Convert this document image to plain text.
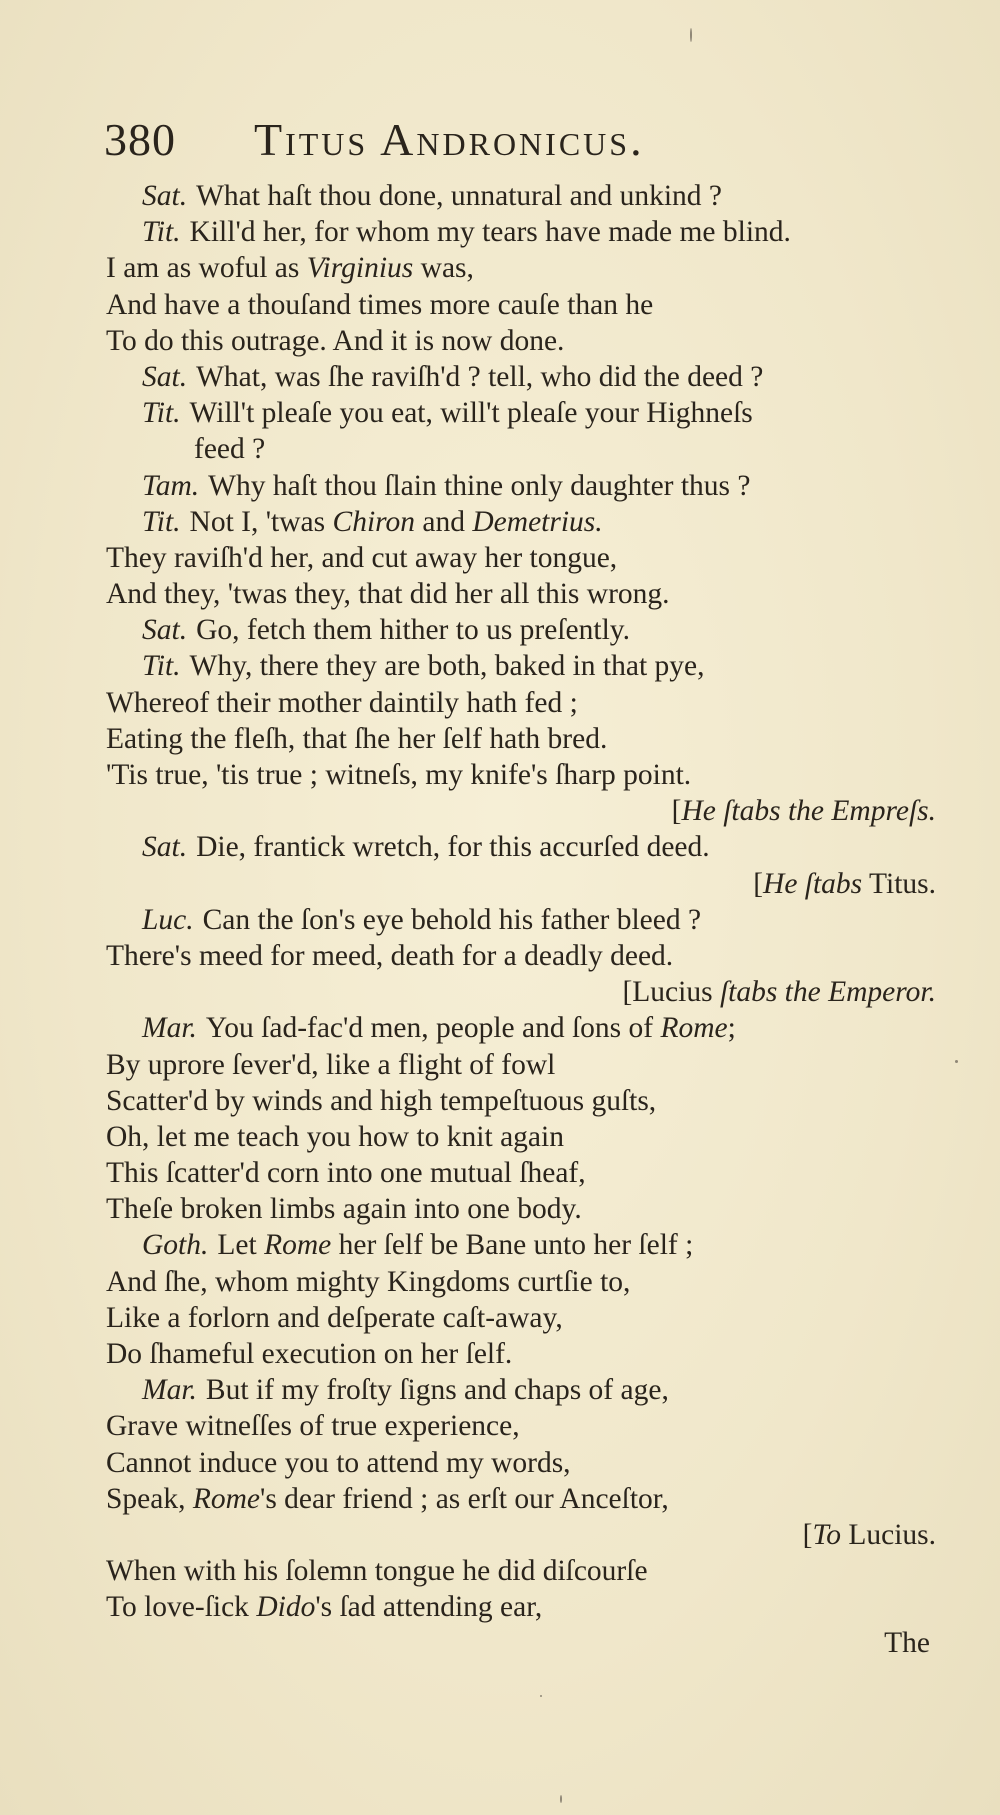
380 Titus Andronicus.
Sat. What haſt thou done, unnatural and unkind ?
Tit. Kill'd her, for whom my tears have made me blind.
I am as woful as Virginius was,
And have a thouſand times more cauſe than he
To do this outrage. And it is now done.
Sat. What, was ſhe raviſh'd ? tell, who did the deed ?
Tit. Will't pleaſe you eat, will't pleaſe your Highneſs
feed ?
Tam. Why haſt thou ſlain thine only daughter thus ?
Tit. Not I, 'twas Chiron and Demetrius.
They raviſh'd her, and cut away her tongue,
And they, 'twas they, that did her all this wrong.
Sat. Go, fetch them hither to us preſently.
Tit. Why, there they are both, baked in that pye,
Whereof their mother daintily hath fed ;
Eating the fleſh, that ſhe her ſelf hath bred.
'Tis true, 'tis true ; witneſs, my knife's ſharp point.
[He ſtabs the Empreſs.
Sat. Die, frantick wretch, for this accurſed deed.
[He ſtabs Titus.
Luc. Can the ſon's eye behold his father bleed ?
There's meed for meed, death for a deadly deed.
[Lucius ſtabs the Emperor.
Mar. You ſad-fac'd men, people and ſons of Rome;
By uprore ſever'd, like a flight of fowl
Scatter'd by winds and high tempeſtuous guſts,
Oh, let me teach you how to knit again
This ſcatter'd corn into one mutual ſheaf,
Theſe broken limbs again into one body.
Goth. Let Rome her ſelf be Bane unto her ſelf ;
And ſhe, whom mighty Kingdoms curtſie to,
Like a forlorn and deſperate caſt-away,
Do ſhameful execution on her ſelf.
Mar. But if my froſty ſigns and chaps of age,
Grave witneſſes of true experience,
Cannot induce you to attend my words,
Speak, Rome's dear friend ; as erſt our Anceſtor,
[To Lucius.
When with his ſolemn tongue he did diſcourſe
To love-ſick Dido's ſad attending ear,
The
